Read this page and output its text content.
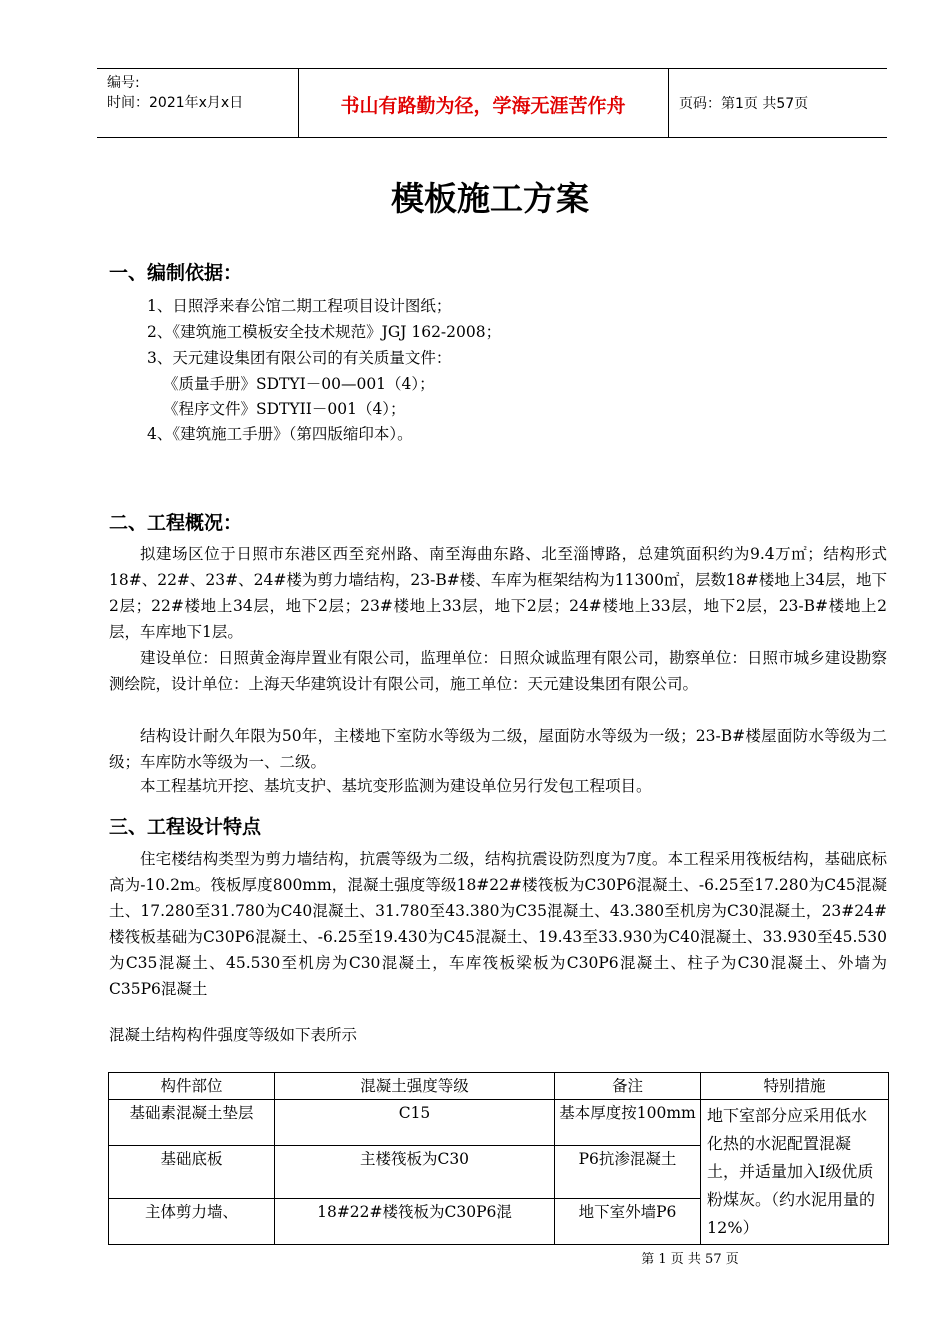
编号:
时间：2021年x月x日	书山有路勤为径，学海无涯苦作舟	页码：第1页 共57页
模板施工方案
一、编制依据：
1、日照浮来春公馆二期工程项目设计图纸；
2、《建筑施工模板安全技术规范》JGJ 162-2008；
3、天元建设集团有限公司的有关质量文件：
《质量手册》SDTYI－00—001（4）；
《程序文件》SDTYII－001（4）；
4、《建筑施工手册》（第四版缩印本）。
二、工程概况：
拟建场区位于日照市东港区西至兖州路、南至海曲东路、北至淄博路，总建筑面积约为9.4万㎡；结构形式18#、22#、23#、24#楼为剪力墙结构，23-B#楼、车库为框架结构为11300㎡，层数18#楼地上34层，地下2层；22#楼地上34层，地下2层；23#楼地上33层，地下2层；24#楼地上33层，地下2层，23-B#楼地上2层，车库地下1层。
建设单位：日照黄金海岸置业有限公司，监理单位：日照众诚监理有限公司，勘察单位：日照市城乡建设勘察测绘院，设计单位：上海天华建筑设计有限公司，施工单位：天元建设集团有限公司。
结构设计耐久年限为50年，主楼地下室防水等级为二级，屋面防水等级为一级；23-B#楼屋面防水等级为二级；车库防水等级为一、二级。
本工程基坑开挖、基坑支护、基坑变形监测为建设单位另行发包工程项目。
三、工程设计特点
住宅楼结构类型为剪力墙结构，抗震等级为二级，结构抗震设防烈度为7度。本工程采用筏板结构，基础底标高为-10.2m。筏板厚度800mm，混凝土强度等级18#22#楼筏板为C30P6混凝土、-6.25至17.280为C45混凝土、17.280至31.780为C40混凝土、31.780至43.380为C35混凝土、43.380至机房为C30混凝土，23#24#楼筏板基础为C30P6混凝土、-6.25至19.430为C45混凝土、19.43至33.930为C40混凝土、33.930至45.530为C35混凝土、45.530至机房为C30混凝土，车库筏板梁板为C30P6混凝土、柱子为C30混凝土、外墙为C35P6混凝土
混凝土结构构件强度等级如下表所示
构件部位	混凝土强度等级	备注	特别措施
基础素混凝土垫层	C15	基本厚度按100mm	地下室部分应采用低水化热的水泥配置混凝土，并适量加入Ⅰ级优质粉煤灰。（约水泥用量的12%）
基础底板	主楼筏板为C30	P6抗渗混凝土	
主体剪力墙、	18#22#楼筏板为C30P6混	地下室外墙P6	
第 1 页 共 57 页
